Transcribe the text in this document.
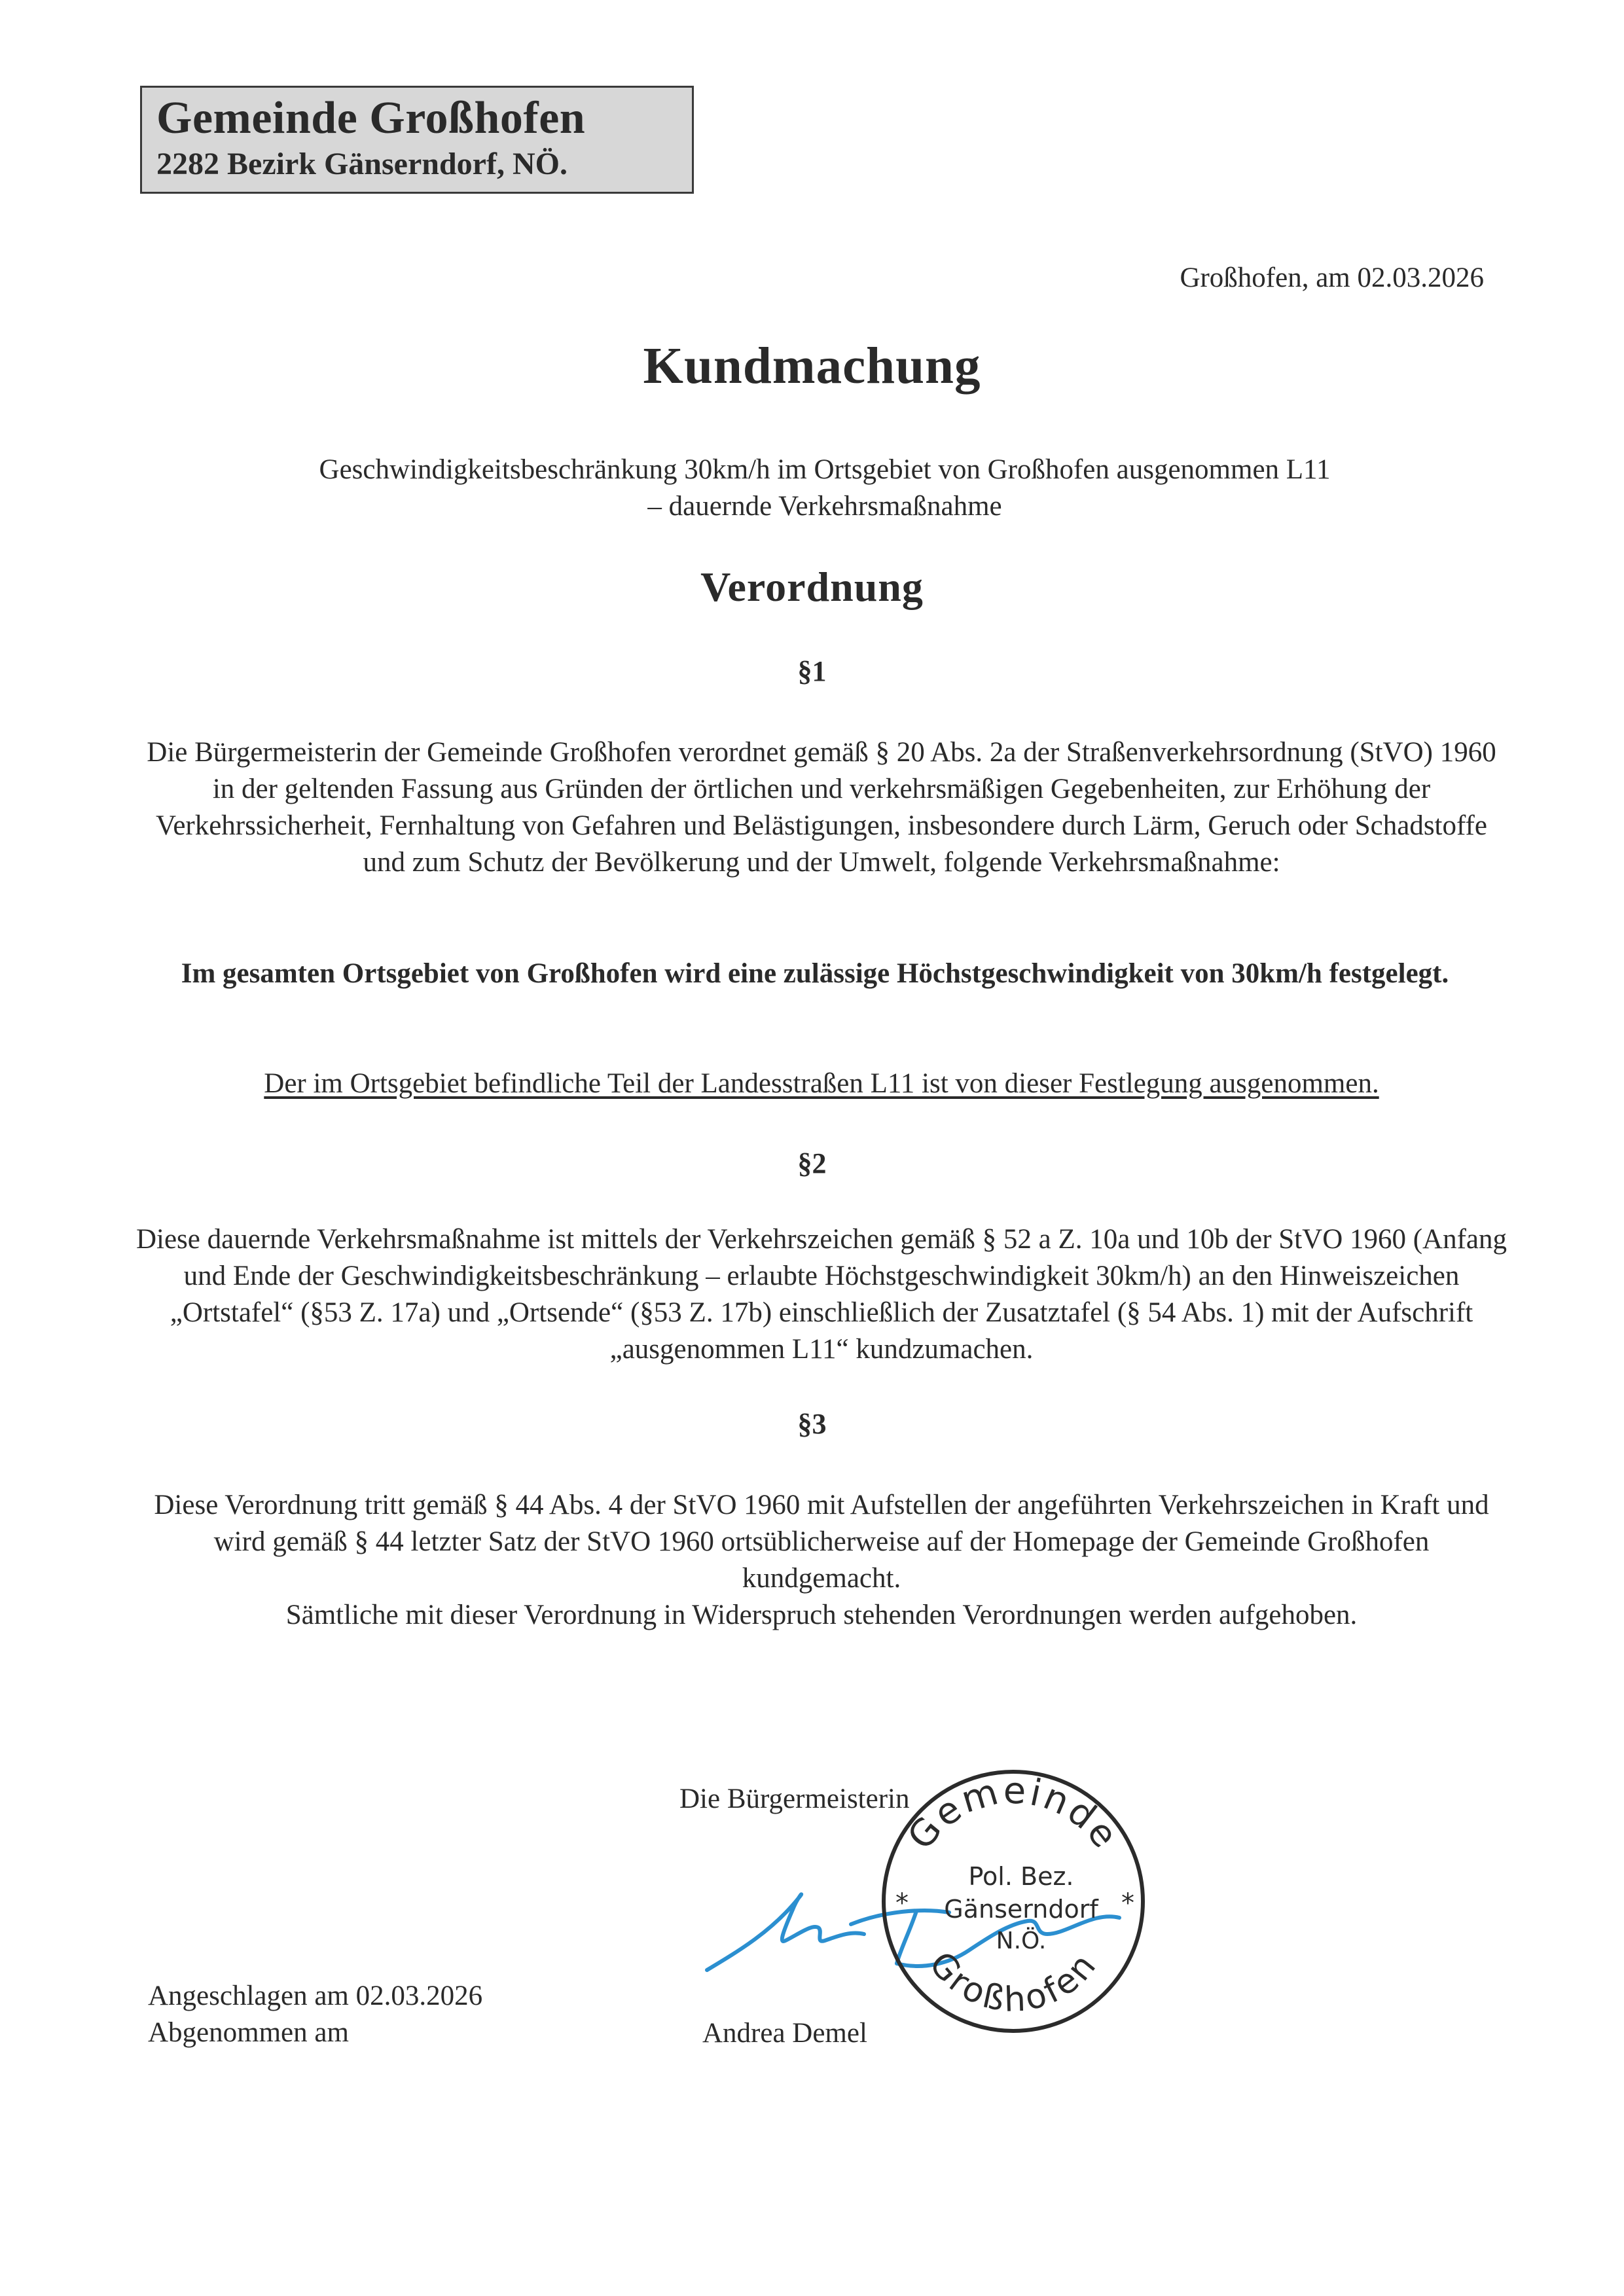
Gemeinde Großhofen
2282 Bezirk Gänserndorf, NÖ.
Großhofen, am 02.03.2026
Kundmachung
Geschwindigkeitsbeschränkung 30km/h im Ortsgebiet von Großhofen ausgenommen L11
– dauernde Verkehrsmaßnahme
Verordnung
§1
Die Bürgermeisterin der Gemeinde Großhofen verordnet gemäß § 20 Abs. 2a der Straßenverkehrsordnung (StVO) 1960 in der geltenden Fassung aus Gründen der örtlichen und verkehrsmäßigen Gegebenheiten, zur Erhöhung der Verkehrssicherheit, Fernhaltung von Gefahren und Belästigungen, insbesondere durch Lärm, Geruch oder Schadstoffe und zum Schutz der Bevölkerung und der Umwelt, folgende Verkehrsmaßnahme:
Im gesamten Ortsgebiet von Großhofen wird eine zulässige Höchstgeschwindigkeit von 30km/h festgelegt.
Der im Ortsgebiet befindliche Teil der Landesstraßen L11 ist von dieser Festlegung ausgenommen.
§2
Diese dauernde Verkehrsmaßnahme ist mittels der Verkehrszeichen gemäß § 52 a Z. 10a und 10b der StVO 1960 (Anfang und Ende der Geschwindigkeitsbeschränkung – erlaubte Höchstgeschwindigkeit 30km/h) an den Hinweiszeichen „Ortstafel“ (§53 Z. 17a) und „Ortsende“ (§53 Z. 17b) einschließlich der Zusatztafel (§ 54 Abs. 1) mit der Aufschrift „ausgenommen L11“ kundzumachen.
§3
Diese Verordnung tritt gemäß § 44 Abs. 4 der StVO 1960 mit Aufstellen der angeführten Verkehrszeichen in Kraft und wird gemäß § 44 letzter Satz der StVO 1960 ortsüblicherweise auf der Homepage der Gemeinde Großhofen kundgemacht.
Sämtliche mit dieser Verordnung in Widerspruch stehenden Verordnungen werden aufgehoben.
Angeschlagen am 02.03.2026
Abgenommen am
Die Bürgermeisterin
Andrea Demel
Gemeinde
Großhofen
Pol. Bez.
Gänserndorf
N.Ö.
*	*
